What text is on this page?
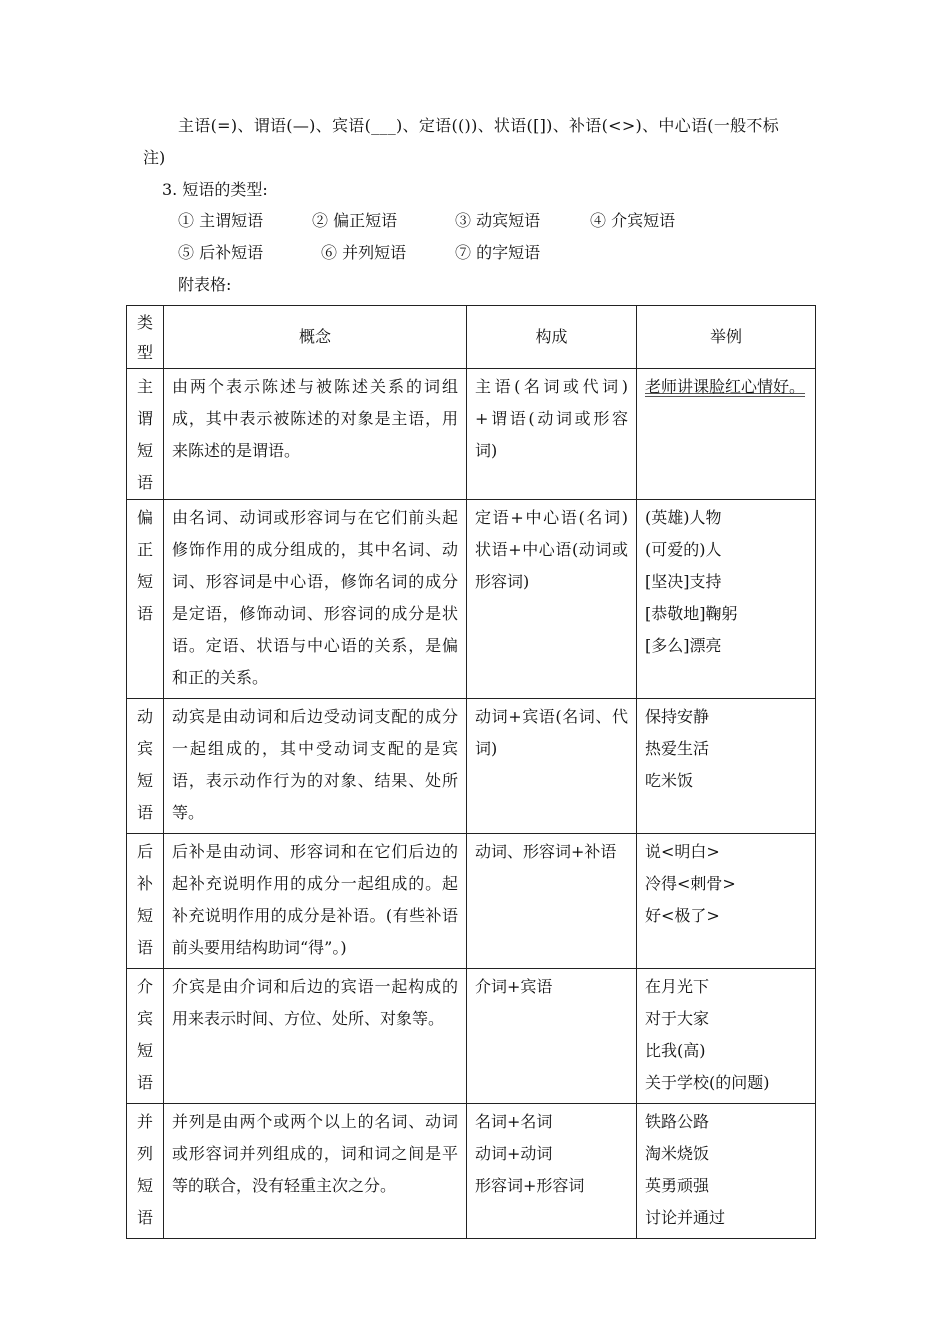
主语(=)、谓语(—)、宾语(___)、定语(())、状语([])、补语(<>)、中心语(一般不标
注)
3. 短语的类型:
① 主谓短语	② 偏正短语	③ 动宾短语	④ 介宾短语
⑤ 后补短语	⑥ 并列短语	⑦ 的字短语
附表格:
类
型	概念	构成	举例

主
谓
短
语	由两个表示陈述与被陈述关系的词组成，其中表示被陈述的对象是主语，用来陈述的是谓语。	主语(名词或代词)+谓语(动词或形容词)	老师讲课脸红心情好。

偏
正
短
语	由名词、动词或形容词与在它们前头起修饰作用的成分组成的，其中名词、动词、形容词是中心语，修饰名词的成分是定语，修饰动词、形容词的成分是状语。定语、状语与中心语的关系，是偏和正的关系。	定语+中心语(名词)状语+中心语(动词或形容词)	(英雄)人物
(可爱的)人
[坚决]支持
[恭敬地]鞠躬
[多么]漂亮

动
宾
短
语	动宾是由动词和后边受动词支配的成分一起组成的，其中受动词支配的是宾语，表示动作行为的对象、结果、处所等。	动词+宾语(名词、代词)	保持安静
热爱生活
吃米饭

后
补
短
语	后补是由动词、形容词和在它们后边的起补充说明作用的成分一起组成的。起补充说明作用的成分是补语。(有些补语前头要用结构助词“得”。)	动词、形容词+补语	说<明白>
冷得<刺骨>
好<极了>

介
宾
短
语	介宾是由介词和后边的宾语一起构成的用来表示时间、方位、处所、对象等。	介词+宾语	在月光下
对于大家
比我(高)
关于学校(的问题)

并
列
短
语	并列是由两个或两个以上的名词、动词或形容词并列组成的，词和词之间是平等的联合，没有轻重主次之分。	名词+名词
动词+动词
形容词+形容词	铁路公路
淘米烧饭
英勇顽强
讨论并通过
